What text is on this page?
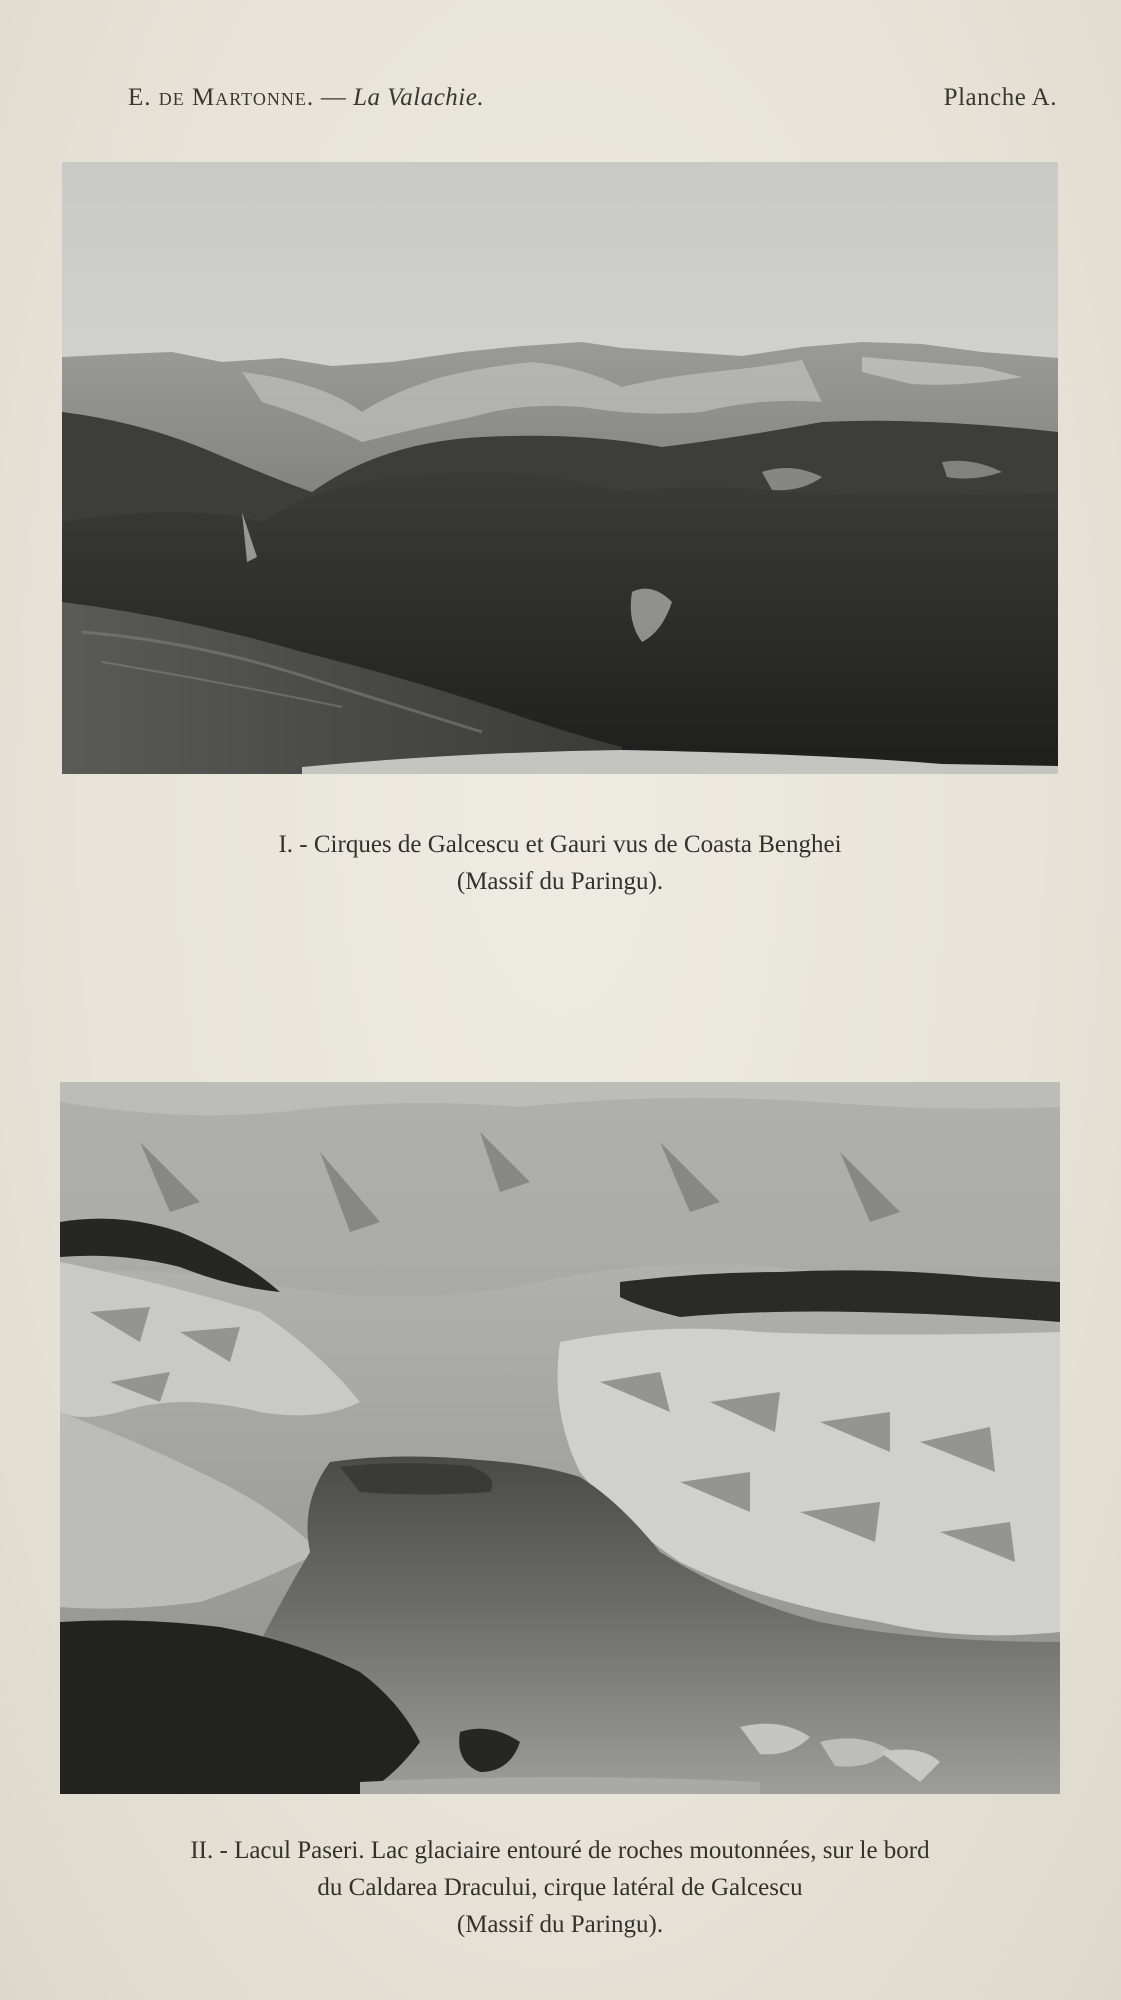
E. de Martonne. — La Valachie.	Planche A.

I. - Cirques de Galcescu et Gauri vus de Coasta Benghei

(Massif du Paringu).

II. - Lacul Paseri. Lac glaciaire entouré de roches moutonnées, sur le bord

du Caldarea Dracului, cirque latéral de Galcescu

(Massif du Paringu).
